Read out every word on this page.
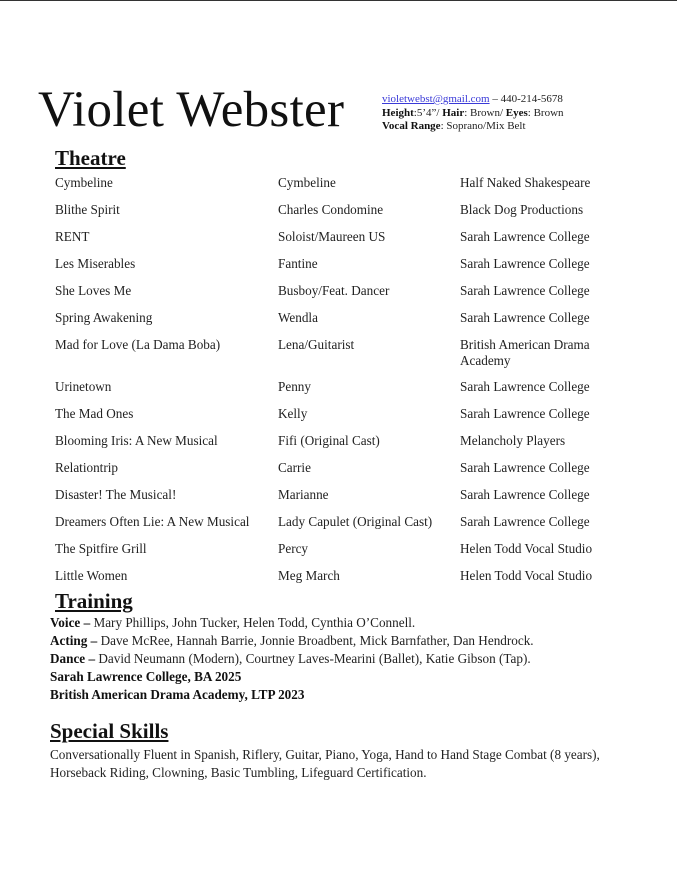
Violet Webster	violetwebst@gmail.com – 440-214-5678
Height:5’4”/ Hair: Brown/ Eyes: Brown
Vocal Range: Soprano/Mix Belt
Theatre
Cymbeline	Cymbeline	Half Naked Shakespeare
Blithe Spirit	Charles Condomine	Black Dog Productions
RENT	Soloist/Maureen US	Sarah Lawrence College
Les Miserables	Fantine	Sarah Lawrence College
She Loves Me	Busboy/Feat. Dancer	Sarah Lawrence College
Spring Awakening	Wendla	Sarah Lawrence College
Mad for Love (La Dama Boba)	Lena/Guitarist	British American Drama Academy
Urinetown	Penny	Sarah Lawrence College
The Mad Ones	Kelly	Sarah Lawrence College
Blooming Iris: A New Musical	Fifi (Original Cast)	Melancholy Players
Relationtrip	Carrie	Sarah Lawrence College
Disaster! The Musical!	Marianne	Sarah Lawrence College
Dreamers Often Lie: A New Musical	Lady Capulet (Original Cast)	Sarah Lawrence College
The Spitfire Grill	Percy	Helen Todd Vocal Studio
Little Women	Meg March	Helen Todd Vocal Studio
Training
Voice – Mary Phillips, John Tucker, Helen Todd, Cynthia O’Connell.
Acting – Dave McRee, Hannah Barrie, Jonnie Broadbent, Mick Barnfather, Dan Hendrock.
Dance – David Neumann (Modern), Courtney Laves-Mearini (Ballet), Katie Gibson (Tap).
Sarah Lawrence College, BA 2025
British American Drama Academy, LTP 2023
Special Skills
Conversationally Fluent in Spanish, Riflery, Guitar, Piano, Yoga, Hand to Hand Stage Combat (8 years), Horseback Riding, Clowning, Basic Tumbling, Lifeguard Certification.
